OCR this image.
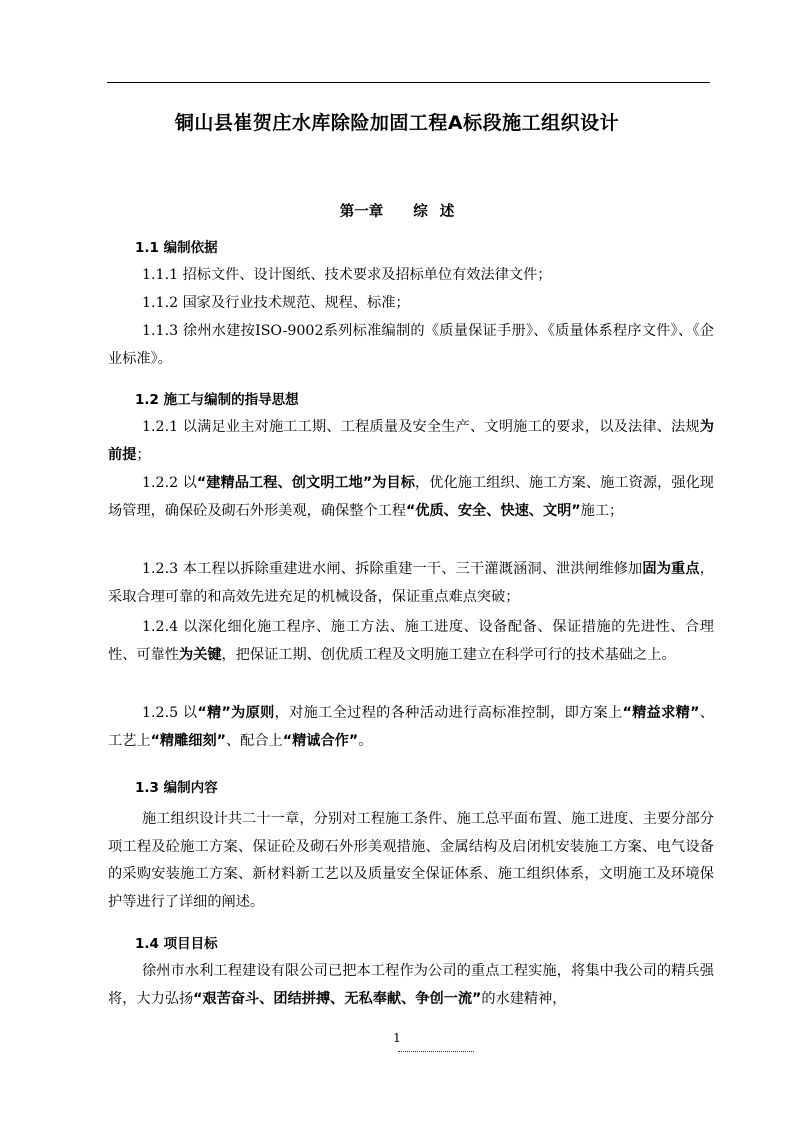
铜山县崔贺庄水库除险加固工程A标段施工组织设计
第一章 综 述
1.1 编制依据

1.1.1 招标文件、设计图纸、技术要求及招标单位有效法律文件；

1.1.2 国家及行业技术规范、规程、标准；

1.1.3 徐州水建按ISO-9002系列标准编制的《质量保证手册》、《质量体系程序文件》、《企业标准》。

1.2 施工与编制的指导思想

1.2.1 以满足业主对施工工期、工程质量及安全生产、文明施工的要求，以及法律、法规为前提；

1.2.2 以“建精品工程、创文明工地”为目标，优化施工组织、施工方案、施工资源，强化现场管理，确保砼及砌石外形美观，确保整个工程“优质、安全、快速、文明”施工；

1.2.3 本工程以拆除重建进水闸、拆除重建一干、三干灌溉涵洞、泄洪闸维修加固为重点，采取合理可靠的和高效先进充足的机械设备，保证重点难点突破；

1.2.4 以深化细化施工程序、施工方法、施工进度、设备配备、保证措施的先进性、合理性、可靠性为关键，把保证工期、创优质工程及文明施工建立在科学可行的技术基础之上。

1.2.5 以“精”为原则，对施工全过程的各种活动进行高标准控制，即方案上“精益求精”、工艺上“精雕细刻”、配合上“精诚合作”。

1.3 编制内容

施工组织设计共二十一章，分别对工程施工条件、施工总平面布置、施工进度、主要分部分项工程及砼施工方案、保证砼及砌石外形美观措施、金属结构及启闭机安装施工方案、电气设备的采购安装施工方案、新材料新工艺以及质量安全保证体系、施工组织体系，文明施工及环境保护等进行了详细的阐述。

1.4 项目目标

徐州市水利工程建设有限公司已把本工程作为公司的重点工程实施，将集中我公司的精兵强将，大力弘扬“艰苦奋斗、团结拼搏、无私奉献、争创一流”的水建精神，

1
